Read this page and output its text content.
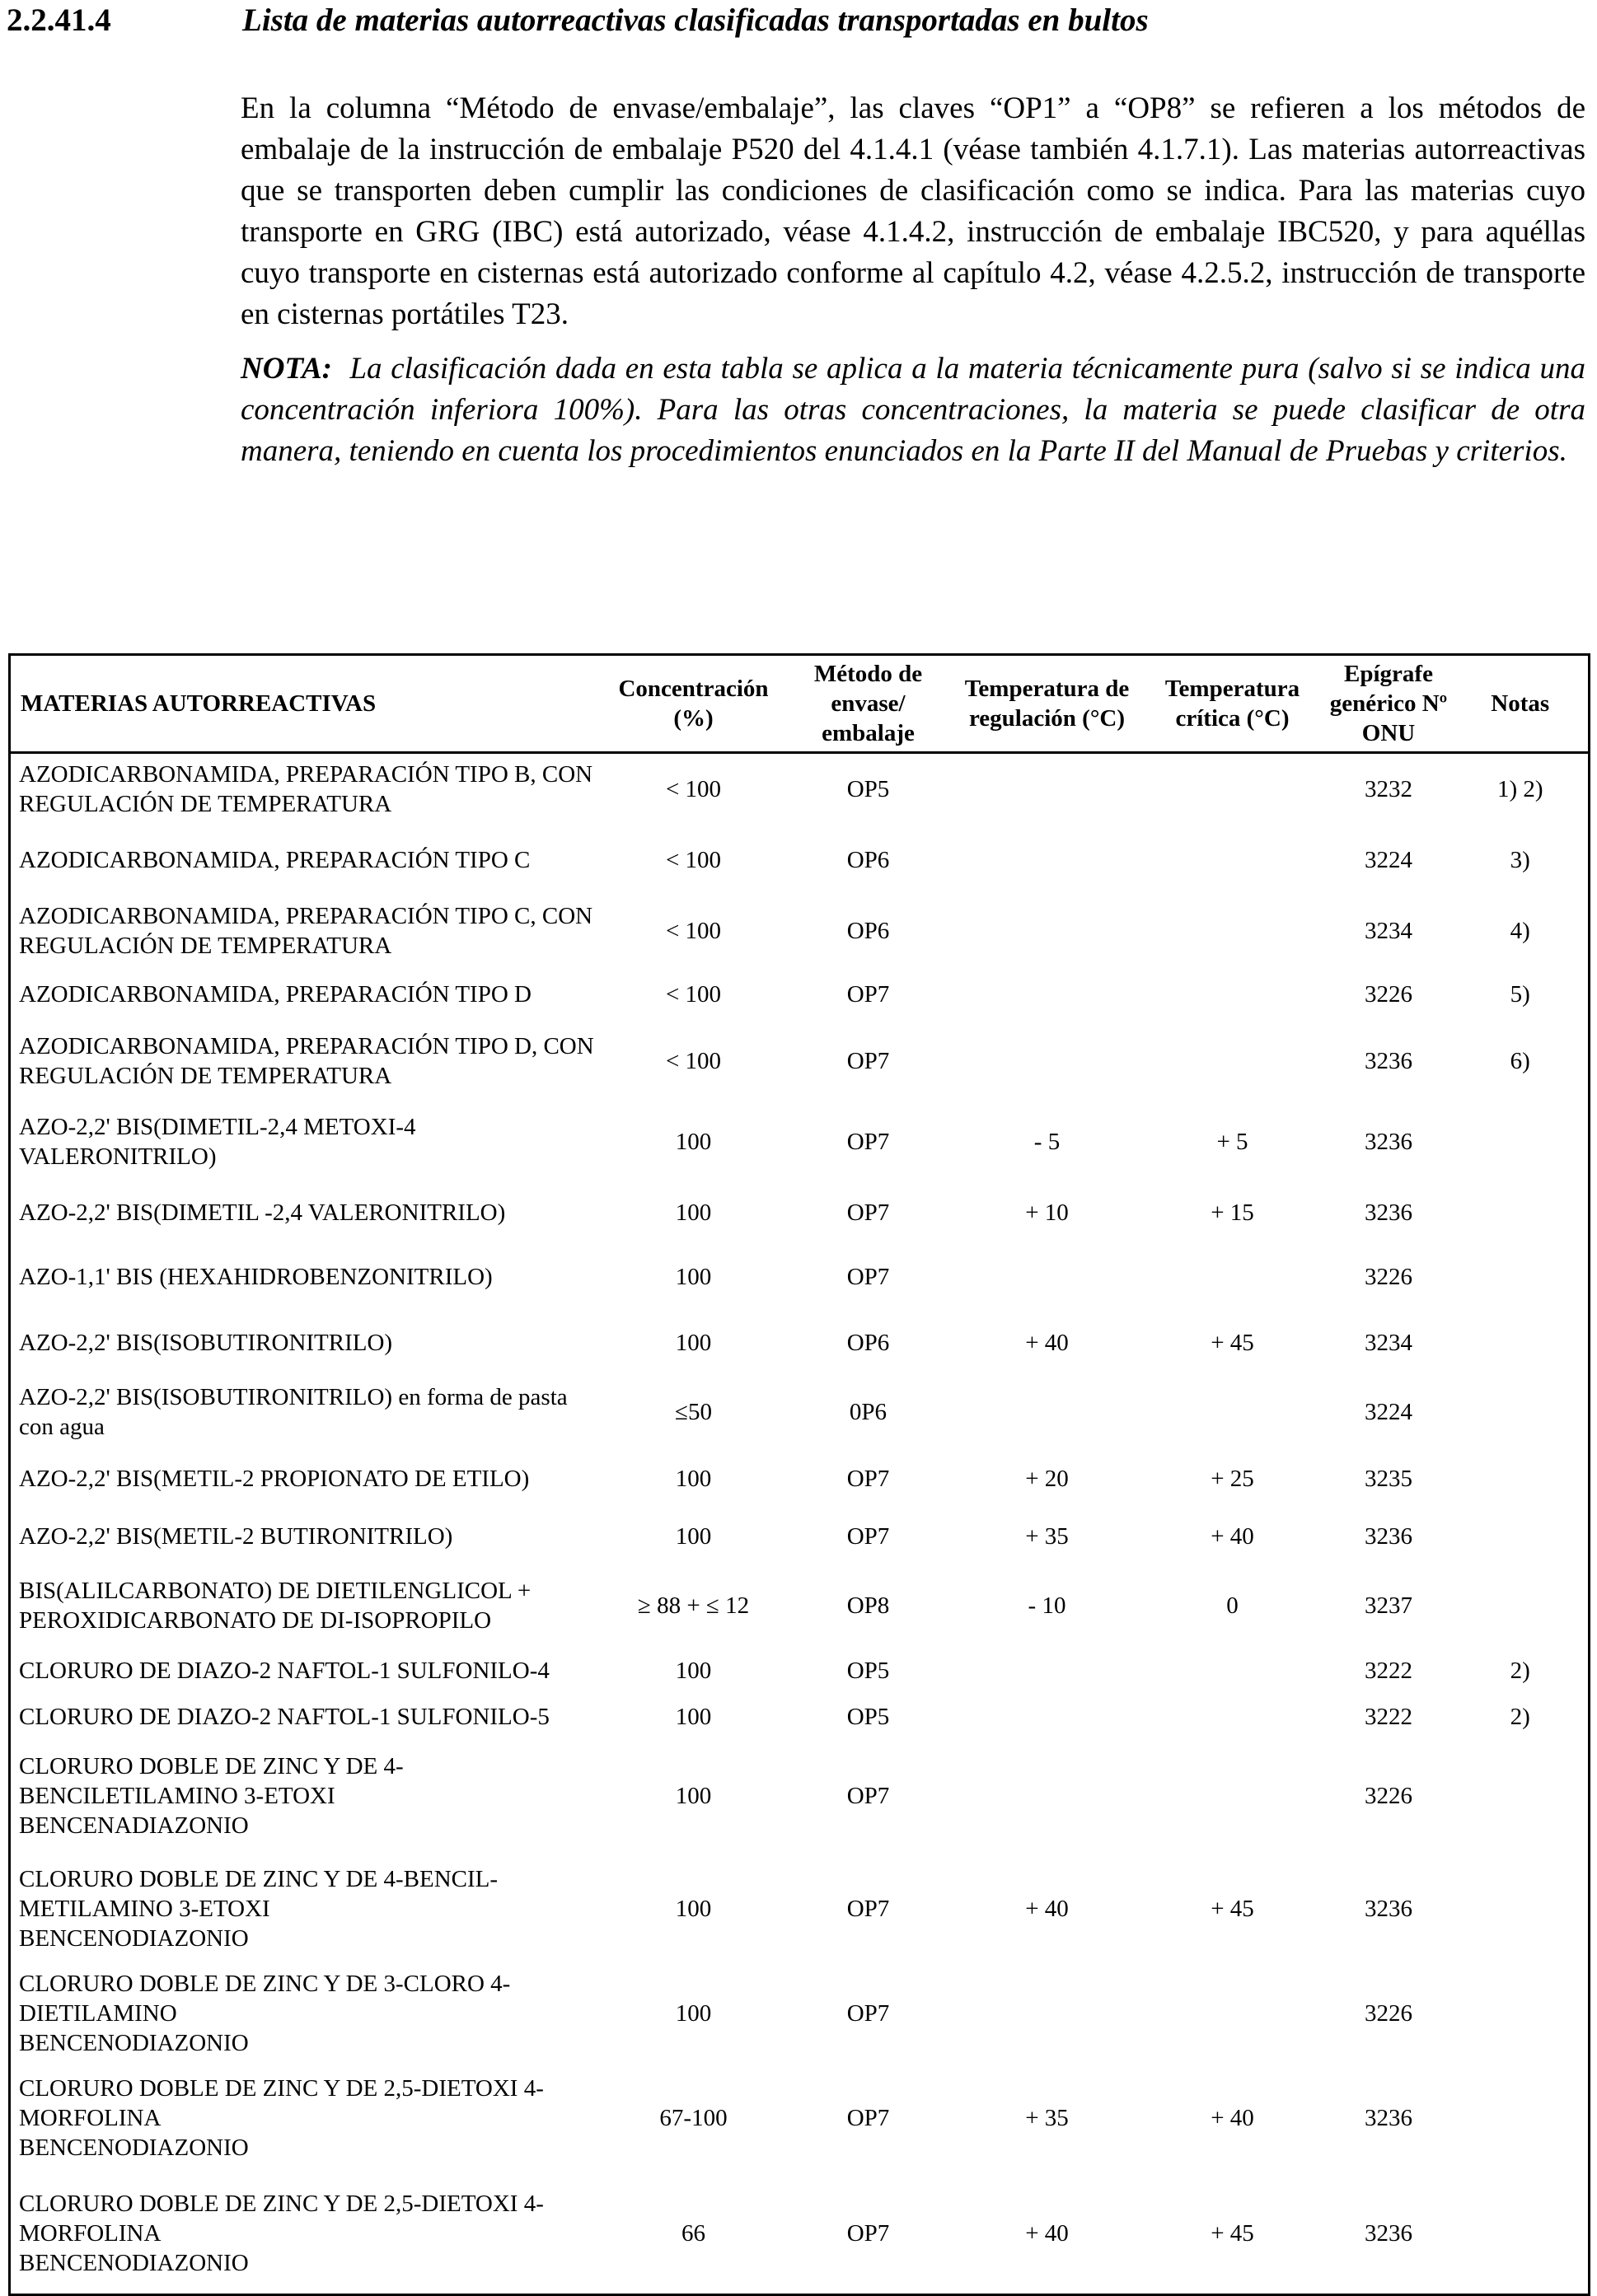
2.2.41.4	Lista de materias autorreactivas clasificadas transportadas en bultos

En la columna “Método de envase/embalaje”, las claves “OP1” a “OP8” se refieren a los métodos de embalaje de la instrucción de embalaje P520 del 4.1.4.1 (véase también 4.1.7.1). Las materias autorreactivas que se transporten deben cumplir las condiciones de clasificación como se indica. Para las materias cuyo transporte en GRG (IBC) está autorizado, véase 4.1.4.2, instrucción de embalaje IBC520, y para aquéllas cuyo transporte en cisternas está autorizado conforme al capítulo 4.2, véase 4.2.5.2, instrucción de transporte en cisternas portátiles T23.

NOTA: La clasificación dada en esta tabla se aplica a la materia técnicamente pura (salvo si se indica una concentración inferiora 100%). Para las otras concentraciones, la materia se puede clasificar de otra manera, teniendo en cuenta los procedimientos enunciados en la Parte II del Manual de Pruebas y criterios.

MATERIAS AUTORREACTIVAS	Concentración (%)	Método de envase/ embalaje	Temperatura de regulación (°C)	Temperatura crítica (°C)	Epígrafe genérico Nº ONU	Notas
AZODICARBONAMIDA, PREPARACIÓN TIPO B, CON REGULACIÓN DE TEMPERATURA	< 100	OP5			3232	1) 2)
AZODICARBONAMIDA, PREPARACIÓN TIPO C	< 100	OP6			3224	3)
AZODICARBONAMIDA, PREPARACIÓN TIPO C, CON REGULACIÓN DE TEMPERATURA	< 100	OP6			3234	4)
AZODICARBONAMIDA, PREPARACIÓN TIPO D	< 100	OP7			3226	5)
AZODICARBONAMIDA, PREPARACIÓN TIPO D, CON REGULACIÓN DE TEMPERATURA	< 100	OP7			3236	6)
AZO-2,2' BIS(DIMETIL-2,4 METOXI-4 VALERONITRILO)	100	OP7	- 5	+ 5	3236	
AZO-2,2' BIS(DIMETIL -2,4 VALERONITRILO)	100	OP7	+ 10	+ 15	3236	
AZO-1,1' BIS (HEXAHIDROBENZONITRILO)	100	OP7			3226	
AZO-2,2' BIS(ISOBUTIRONITRILO)	100	OP6	+ 40	+ 45	3234	
AZO-2,2' BIS(ISOBUTIRONITRILO) en forma de pasta con agua	≤50	0P6			3224	
AZO-2,2' BIS(METIL-2 PROPIONATO DE ETILO)	100	OP7	+ 20	+ 25	3235	
AZO-2,2' BIS(METIL-2 BUTIRONITRILO)	100	OP7	+ 35	+ 40	3236	
BIS(ALILCARBONATO) DE DIETILENGLICOL + PEROXIDICARBONATO DE DI-ISOPROPILO	≥ 88 + ≤ 12	OP8	- 10	0	3237	
CLORURO DE DIAZO-2 NAFTOL-1 SULFONILO-4	100	OP5			3222	2)
CLORURO DE DIAZO-2 NAFTOL-1 SULFONILO-5	100	OP5			3222	2)
CLORURO DOBLE DE ZINC Y DE 4-
BENCILETILAMINO 3-ETOXI
BENCENADIAZONIO	100	OP7			3226	
CLORURO DOBLE DE ZINC Y DE 4-BENCIL-
METILAMINO 3-ETOXI
BENCENODIAZONIO	100	OP7	+ 40	+ 45	3236	
CLORURO DOBLE DE ZINC Y DE 3-CLORO 4-
DIETILAMINO
BENCENODIAZONIO	100	OP7			3226	
CLORURO DOBLE DE ZINC Y DE 2,5-DIETOXI 4-
MORFOLINA
BENCENODIAZONIO	67-100	OP7	+ 35	+ 40	3236	
CLORURO DOBLE DE ZINC Y DE 2,5-DIETOXI 4-
MORFOLINA
BENCENODIAZONIO	66	OP7	+ 40	+ 45	3236	
